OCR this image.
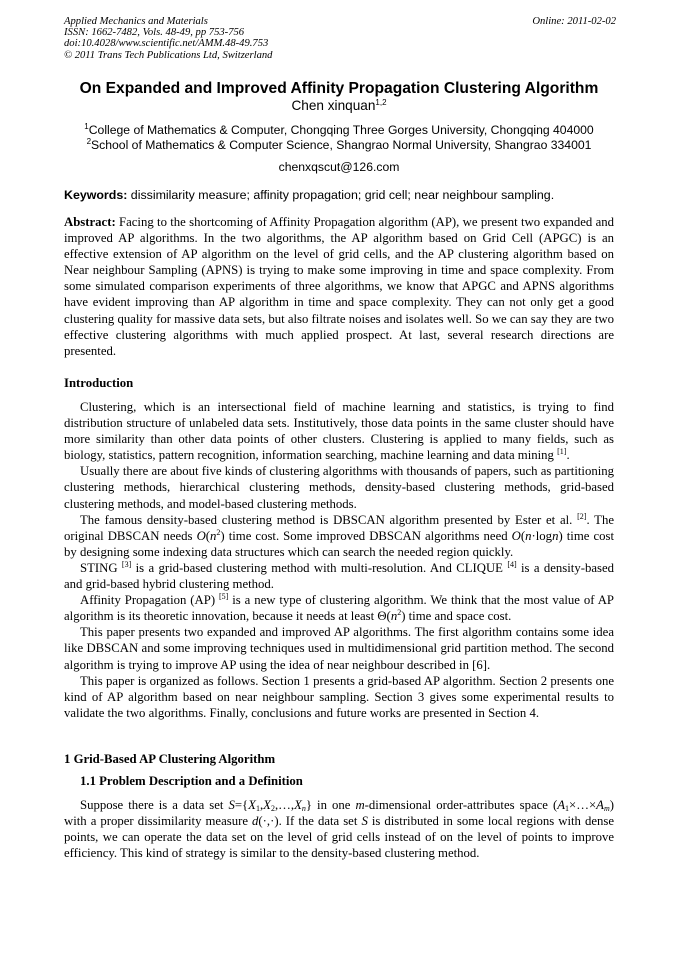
Applied Mechanics and Materials
ISSN: 1662-7482, Vols. 48-49, pp 753-756
doi:10.4028/www.scientific.net/AMM.48-49.753
© 2011 Trans Tech Publications Ltd, Switzerland
Online: 2011-02-02
On Expanded and Improved Affinity Propagation Clustering Algorithm
Chen xinquan$^{1,2}$
$^1$College of Mathematics & Computer, Chongqing Three Gorges University, Chongqing 404000
$^2$School of Mathematics & Computer Science, Shangrao Normal University, Shangrao 334001
chenxqscut@126.com
Keywords: dissimilarity measure; affinity propagation; grid cell; near neighbour sampling.

Abstract: Facing to the shortcoming of Affinity Propagation algorithm (AP), we present two expanded and improved AP algorithms. In the two algorithms, the AP algorithm based on Grid Cell (APGC) is an effective extension of AP algorithm on the level of grid cells, and the AP clustering algorithm based on Near neighbour Sampling (APNS) is trying to make some improving in time and space complexity. From some simulated comparison experiments of three algorithms, we know that APGC and APNS algorithms have evident improving than AP algorithm in time and space complexity. They can not only get a good clustering quality for massive data sets, but also filtrate noises and isolates well. So we can say they are two effective clustering algorithms with much applied prospect. At last, several research directions are presented.

Introduction

Clustering, which is an intersectional field of machine learning and statistics, is trying to find distribution structure of unlabeled data sets. Institutively, those data points in the same cluster should have more similarity than other data points of other clusters. Clustering is applied to many fields, such as biology, statistics, pattern recognition, information searching, machine learning and data mining [1].

Usually there are about five kinds of clustering algorithms with thousands of papers, such as partitioning clustering methods, hierarchical clustering methods, density-based clustering methods, grid-based clustering methods, and model-based clustering methods.

The famous density-based clustering method is DBSCAN algorithm presented by Ester et al. [2]. The original DBSCAN needs $O(n^2)$ time cost. Some improved DBSCAN algorithms need O(n·logn) time cost by designing some indexing data structures which can search the needed region quickly.

STING [3] is a grid-based clustering method with multi-resolution. And CLIQUE [4] is a density-based and grid-based hybrid clustering method.

Affinity Propagation (AP) [5] is a new type of clustering algorithm. We think that the most value of AP algorithm is its theoretic innovation, because it needs at least $\Theta(n^2)$ time and space cost.

This paper presents two expanded and improved AP algorithms. The first algorithm contains some idea like DBSCAN and some improving techniques used in multidimensional grid partition method. The second algorithm is trying to improve AP using the idea of near neighbour described in [6].

This paper is organized as follows. Section 1 presents a grid-based AP algorithm. Section 2 presents one kind of AP algorithm based on near neighbour sampling. Section 3 gives some experimental results to validate the two algorithms. Finally, conclusions and future works are presented in Section 4.

1 Grid-Based AP Clustering Algorithm
1.1 Problem Description and a Definition

Suppose there is a data set $S=\{X_1,X_2,\dots,X_n\}$ in one m-dimensional order-attributes space $(A_1\times\dots\times A_m)$ with a proper dissimilarity measure d(·,·). If the data set S is distributed in some local regions with dense points, we can operate the data set on the level of grid cells instead of on the level of points to improve efficiency. This kind of strategy is similar to the density-based clustering method.
